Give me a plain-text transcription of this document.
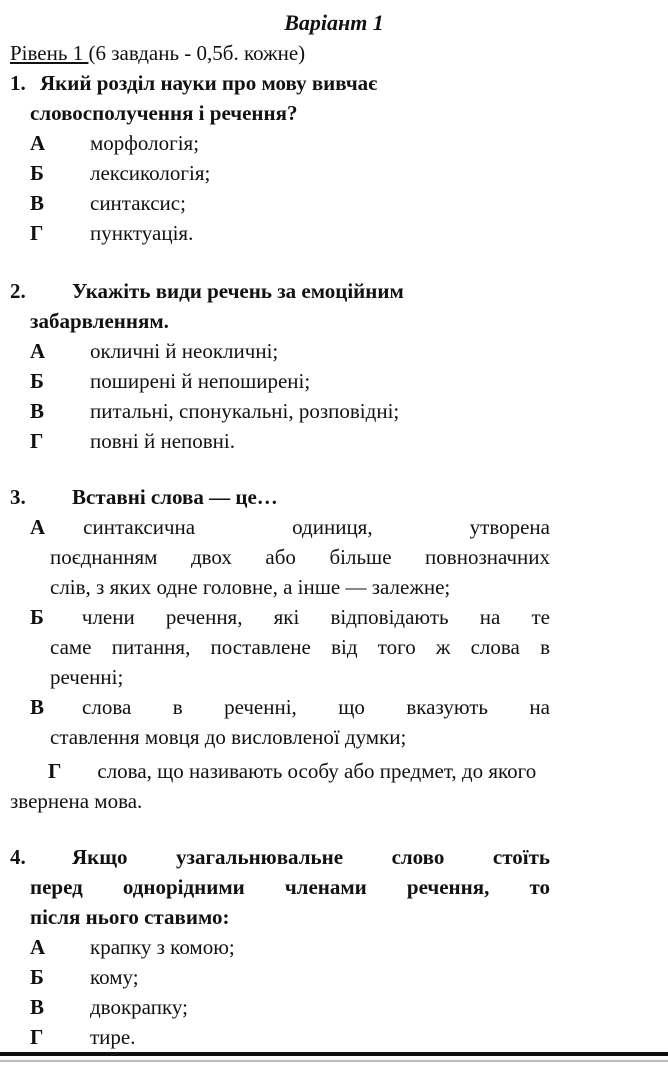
Варіант 1
Рівень 1 (6 завдань - 0,5б. кожне)
1. Який розділ науки про мову вивчає
словосполучення і речення?
А	морфологія;
Б	лексикологія;
В	синтаксис;
Г	пунктуація.
2. Укажіть види речень за емоційним
забарвленням.
А	окличні й неокличні;
Б	поширені й непоширені;
В	питальні, спонукальні, розповідні;
Г	повні й неповні.
3. Вставні слова — це…
А синтаксична одиниця, утворена
поєднанням двох або більше повнозначних
слів, з яких одне головне, а інше — залежне;
Б члени речення, які відповідають на те
саме питання, поставлене від того ж слова в
реченні;
В слова в реченні, що вказують на
ставлення мовця до висловленої думки;
Г слова, що називають особу або предмет, до якого
звернена мова.
4. Якщо узагальнювальне слово стоїть
перед однорідними членами речення, то
після нього ставимо:
А	крапку з комою;
Б	кому;
В	двокрапку;
Г	тире.
